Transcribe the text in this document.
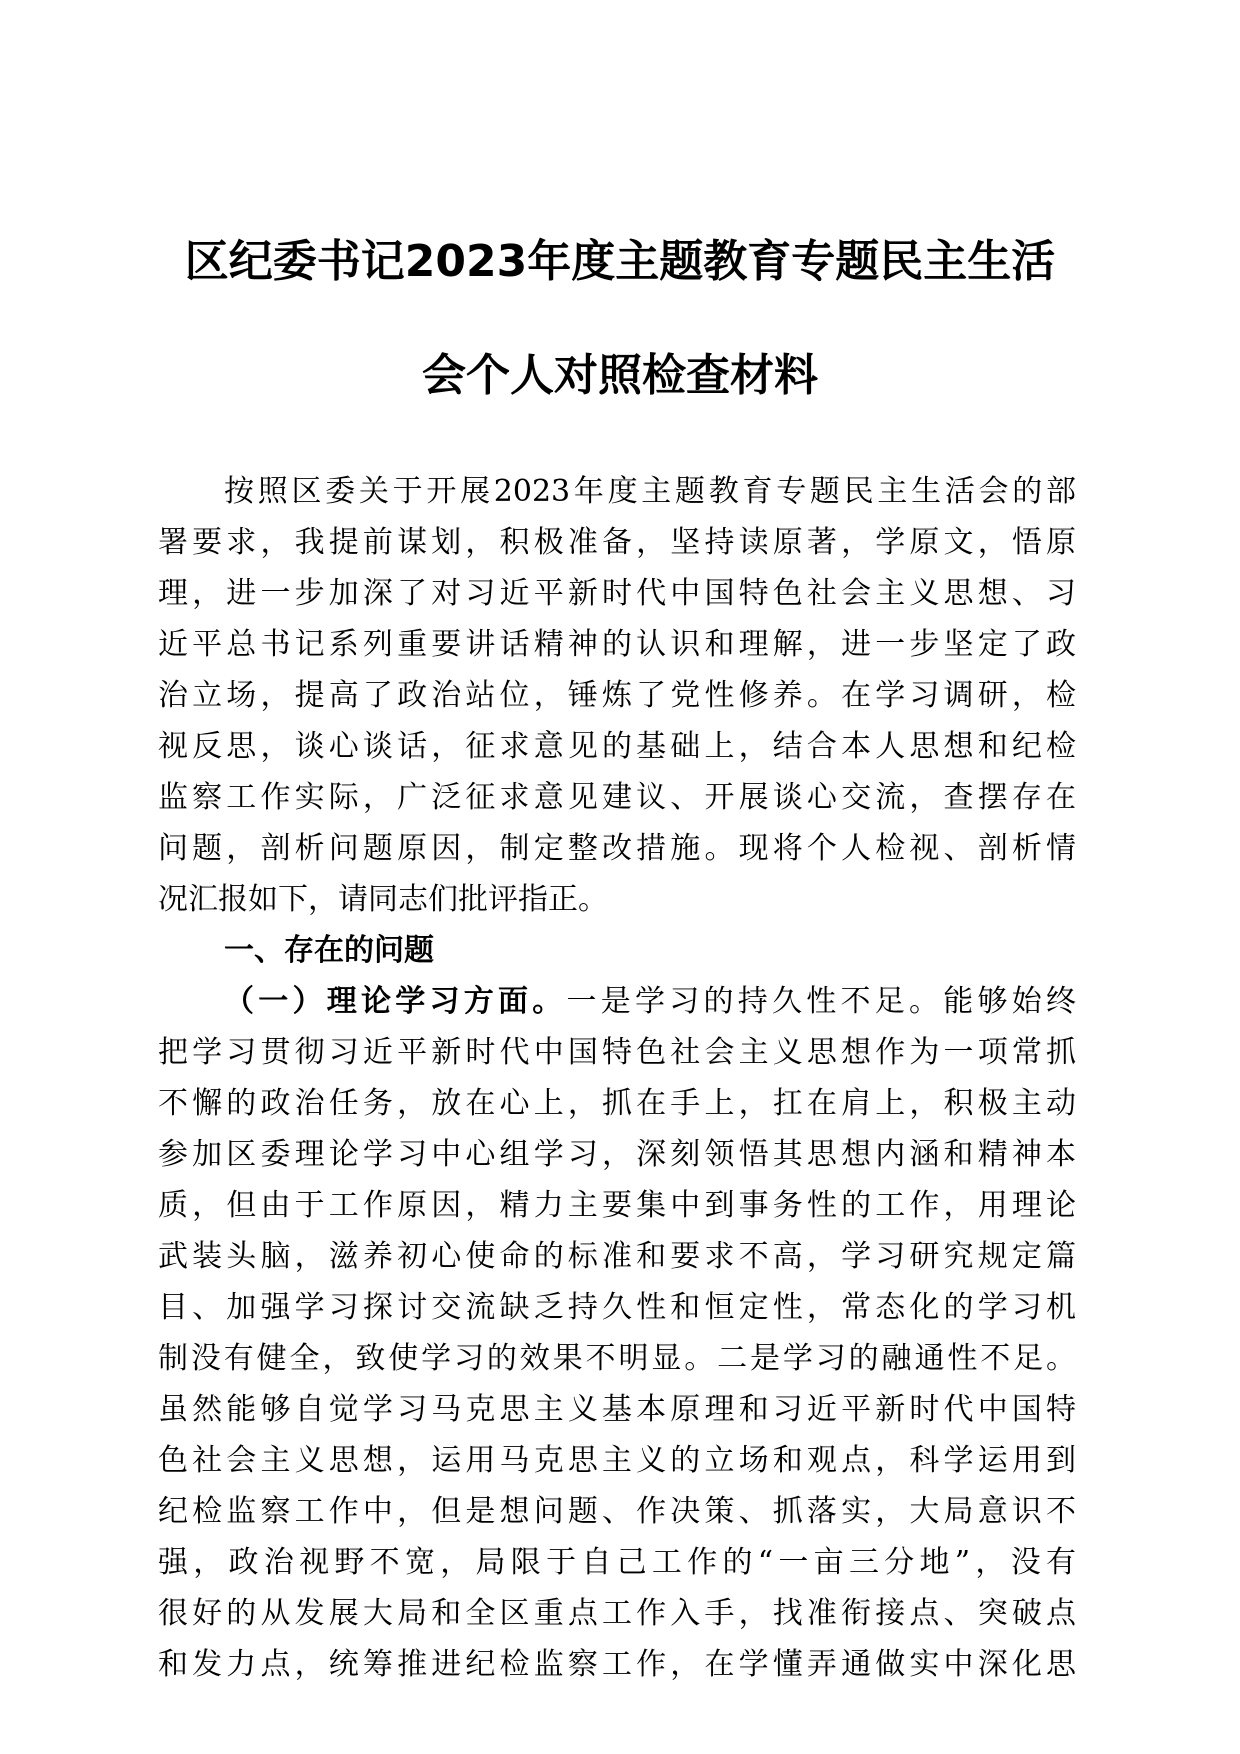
区纪委书记2023年度主题教育专题民主生活
会个人对照检查材料
按照区委关于开展2023年度主题教育专题民主生活会的部
署要求，我提前谋划，积极准备，坚持读原著，学原文，悟原
理，进一步加深了对习近平新时代中国特色社会主义思想、习
近平总书记系列重要讲话精神的认识和理解，进一步坚定了政
治立场，提高了政治站位，锤炼了党性修养。在学习调研，检
视反思，谈心谈话，征求意见的基础上，结合本人思想和纪检
监察工作实际，广泛征求意见建议、开展谈心交流，查摆存在
问题，剖析问题原因，制定整改措施。现将个人检视、剖析情
况汇报如下，请同志们批评指正。
一、存在的问题
（一）理论学习方面。一是学习的持久性不足。能够始终
把学习贯彻习近平新时代中国特色社会主义思想作为一项常抓
不懈的政治任务，放在心上，抓在手上，扛在肩上，积极主动
参加区委理论学习中心组学习，深刻领悟其思想内涵和精神本
质，但由于工作原因，精力主要集中到事务性的工作，用理论
武装头脑，滋养初心使命的标准和要求不高，学习研究规定篇
目、加强学习探讨交流缺乏持久性和恒定性，常态化的学习机
制没有健全，致使学习的效果不明显。二是学习的融通性不足。
虽然能够自觉学习马克思主义基本原理和习近平新时代中国特
色社会主义思想，运用马克思主义的立场和观点，科学运用到
纪检监察工作中，但是想问题、作决策、抓落实，大局意识不
强，政治视野不宽，局限于自己工作的“一亩三分地”，没有
很好的从发展大局和全区重点工作入手，找准衔接点、突破点
和发力点，统筹推进纪检监察工作，在学懂弄通做实中深化思
